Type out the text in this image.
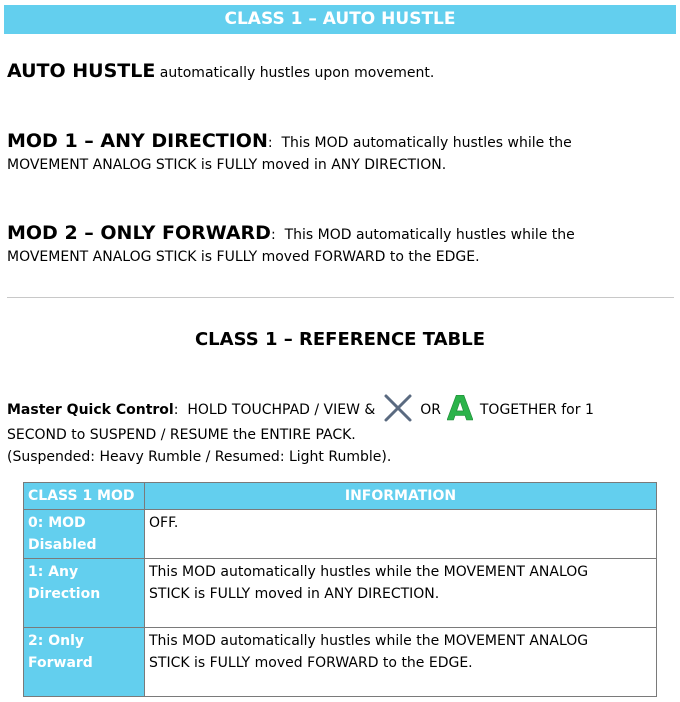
CLASS 1 – AUTO HUSTLE
AUTO HUSTLE automatically hustles upon movement.
MOD 1 – ANY DIRECTION:  This MOD automatically hustles while the
MOVEMENT ANALOG STICK is FULLY moved in ANY DIRECTION.
MOD 2 – ONLY FORWARD:  This MOD automatically hustles while the
MOVEMENT ANALOG STICK is FULLY moved FORWARD to the EDGE.
CLASS 1 – REFERENCE TABLE
Master Quick Control:  HOLD TOUCHPAD / VIEW &	OR A TOGETHER for 1
SECOND to SUSPEND / RESUME the ENTIRE PACK.
(Suspended: Heavy Rumble / Resumed: Light Rumble).
CLASS 1 MOD	INFORMATION
0: MOD
Disabled	OFF.
1: Any
Direction	This MOD automatically hustles while the MOVEMENT ANALOG
STICK is FULLY moved in ANY DIRECTION.
2: Only
Forward	This MOD automatically hustles while the MOVEMENT ANALOG
STICK is FULLY moved FORWARD to the EDGE.
